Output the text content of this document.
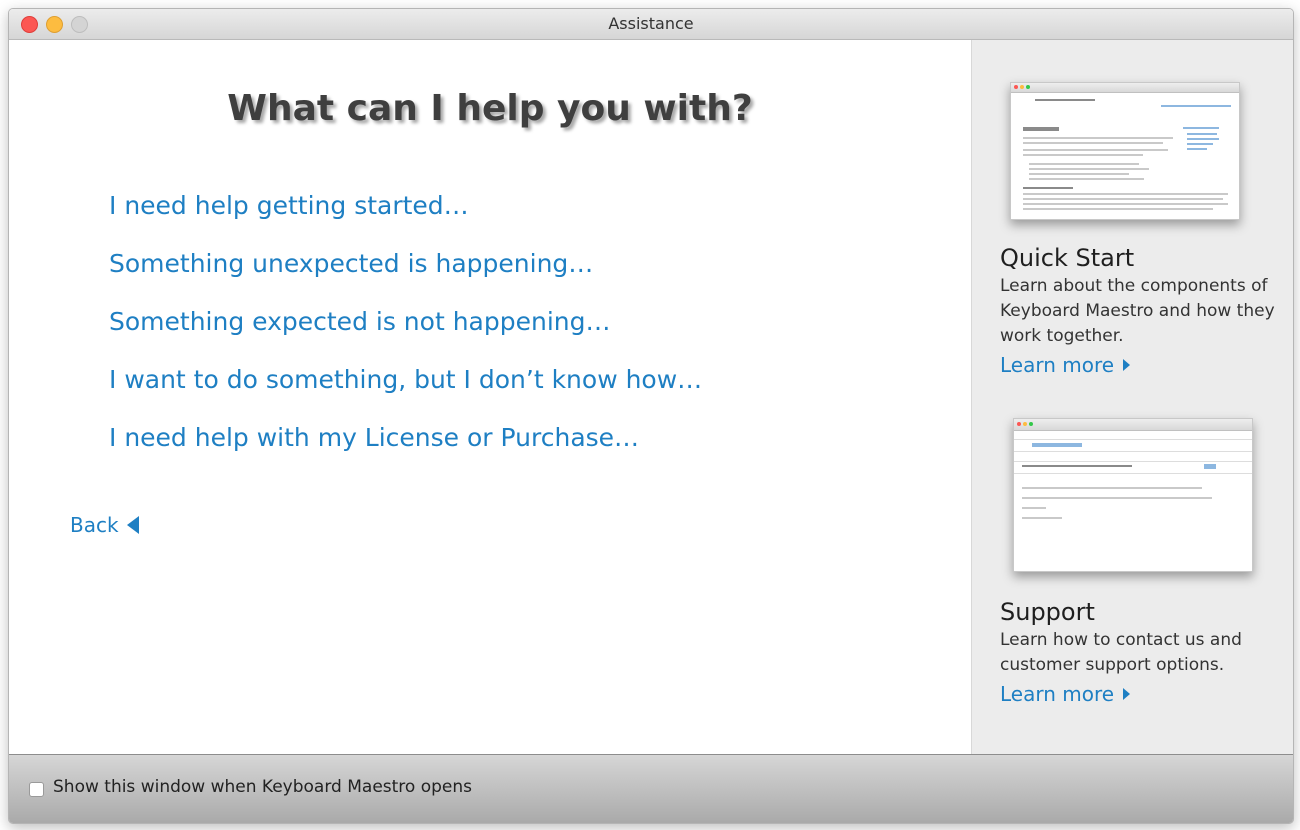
Assistance
What can I help you with?
I need help getting started…
Something unexpected is happening…
Something expected is not happening…
I want to do something, but I don’t know how…
I need help with my License or Purchase…
Back
Quick Start

Learn about the components of Keyboard Maestro and how they work together.

Learn more
Support

Learn how to contact us and customer support options.

Learn more
Show this window when Keyboard Maestro opens
